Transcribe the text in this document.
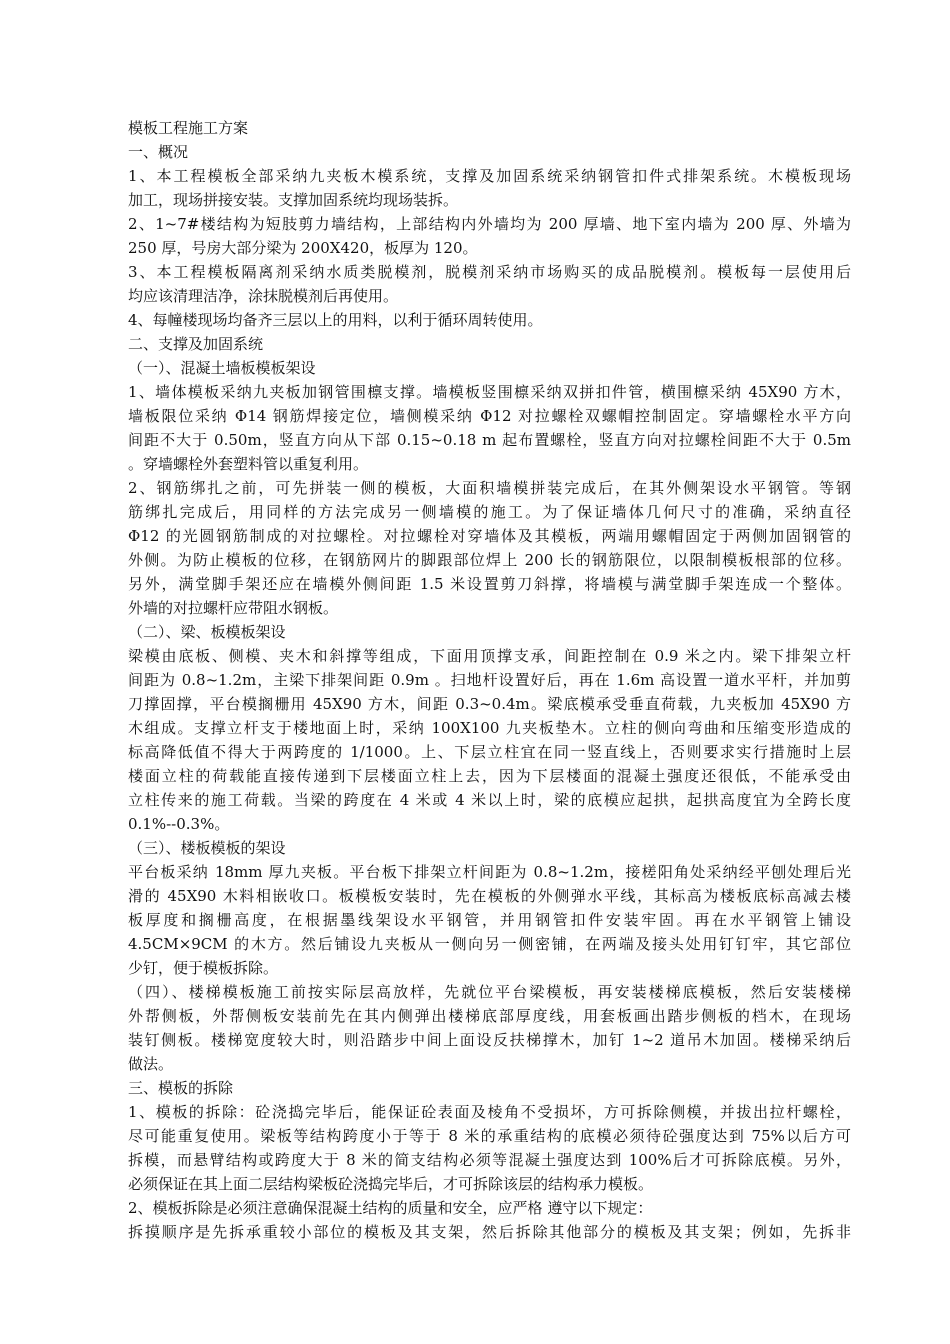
模板工程施工方案
一、概况
1、本工程模板全部采纳九夹板木模系统，支撑及加固系统采纳钢管扣件式排架系统。木模板现场
加工，现场拼接安装。支撑加固系统均现场装拆。
2、1~7#楼结构为短肢剪力墙结构，上部结构内外墙均为 200 厚墙、地下室内墙为 200 厚、外墙为
250 厚，号房大部分梁为 200X420，板厚为 120。
3、本工程模板隔离剂采纳水质类脱模剂，脱模剂采纳市场购买的成品脱模剂。模板每一层使用后
均应该清理洁净，涂抹脱模剂后再使用。
4、每幢楼现场均备齐三层以上的用料，以利于循环周转使用。
二、支撑及加固系统
（一）、混凝土墙板模板架设
1、墙体模板采纳九夹板加钢管围檩支撑。墙模板竖围檩采纳双拼扣件管，横围檩采纳 45X90 方木，
墙板限位采纳 Φ14 钢筋焊接定位，墙侧模采纳 Φ12 对拉螺栓双螺帽控制固定。穿墙螺栓水平方向
间距不大于 0.50m，竖直方向从下部 0.15~0.18 m 起布置螺栓，竖直方向对拉螺栓间距不大于 0.5m
。穿墙螺栓外套塑料管以重复利用。
2、钢筋绑扎之前，可先拼装一侧的模板，大面积墙模拼装完成后，在其外侧架设水平钢管。等钢
筋绑扎完成后，用同样的方法完成另一侧墙模的施工。为了保证墙体几何尺寸的准确，采纳直径
Φ12 的光圆钢筋制成的对拉螺栓。对拉螺栓对穿墙体及其模板，两端用螺帽固定于两侧加固钢管的
外侧。为防止模板的位移，在钢筋网片的脚跟部位焊上 200 长的钢筋限位，以限制模板根部的位移。
另外，满堂脚手架还应在墙模外侧间距 1.5 米设置剪刀斜撑，将墙模与满堂脚手架连成一个整体。
外墙的对拉螺杆应带阻水钢板。
（二）、梁、板模板架设
梁模由底板、侧模、夹木和斜撑等组成，下面用顶撑支承，间距控制在 0.9 米之内。梁下排架立杆
间距为 0.8~1.2m，主梁下排架间距 0.9m 。扫地杆设置好后，再在 1.6m 高设置一道水平杆，并加剪
刀撑固撑，平台模搁栅用 45X90 方木，间距 0.3~0.4m。梁底模承受垂直荷载，九夹板加 45X90 方
木组成。支撑立杆支于楼地面上时，采纳 100X100 九夹板垫木。立柱的侧向弯曲和压缩变形造成的
标高降低值不得大于两跨度的 1/1000。上、下层立柱宜在同一竖直线上，否则要求实行措施时上层
楼面立柱的荷载能直接传递到下层楼面立柱上去，因为下层楼面的混凝土强度还很低，不能承受由
立柱传来的施工荷载。当梁的跨度在 4 米或 4 米以上时，梁的底模应起拱，起拱高度宜为全跨长度
0.1%--0.3%。
（三）、楼板模板的架设
平台板采纳 18mm 厚九夹板。平台板下排架立杆间距为 0.8~1.2m，接槎阳角处采纳经平刨处理后光
滑的 45X90 木料相嵌收口。板模板安装时，先在模板的外侧弹水平线，其标高为楼板底标高减去楼
板厚度和搁栅高度，在根据墨线架设水平钢管，并用钢管扣件安装牢固。再在水平钢管上铺设
4.5CM×9CM 的木方。然后铺设九夹板从一侧向另一侧密铺，在两端及接头处用钉钉牢，其它部位
少钉，便于模板拆除。
（四）、楼梯模板施工前按实际层高放样，先就位平台梁模板，再安装楼梯底模板，然后安装楼梯
外帮侧板，外帮侧板安装前先在其内侧弹出楼梯底部厚度线，用套板画出踏步侧板的档木，在现场
装钉侧板。楼梯宽度较大时，则沿踏步中间上面设反扶梯撑木，加钉 1~2 道吊木加固。楼梯采纳后
做法。
三、模板的拆除
1、模板的拆除：砼浇捣完毕后，能保证砼表面及棱角不受损坏，方可拆除侧模，并拔出拉杆螺栓，
尽可能重复使用。梁板等结构跨度小于等于 8 米的承重结构的底模必须待砼强度达到 75%以后方可
拆模，而悬臂结构或跨度大于 8 米的简支结构必须等混凝土强度达到 100%后才可拆除底模。另外，
必须保证在其上面二层结构梁板砼浇捣完毕后，才可拆除该层的结构承力模板。
2、模板拆除是必须注意确保混凝土结构的质量和安全，应严格 遵守以下规定：
拆摸顺序是先拆承重较小部位的模板及其支架，然后拆除其他部分的模板及其支架；例如，先拆非
